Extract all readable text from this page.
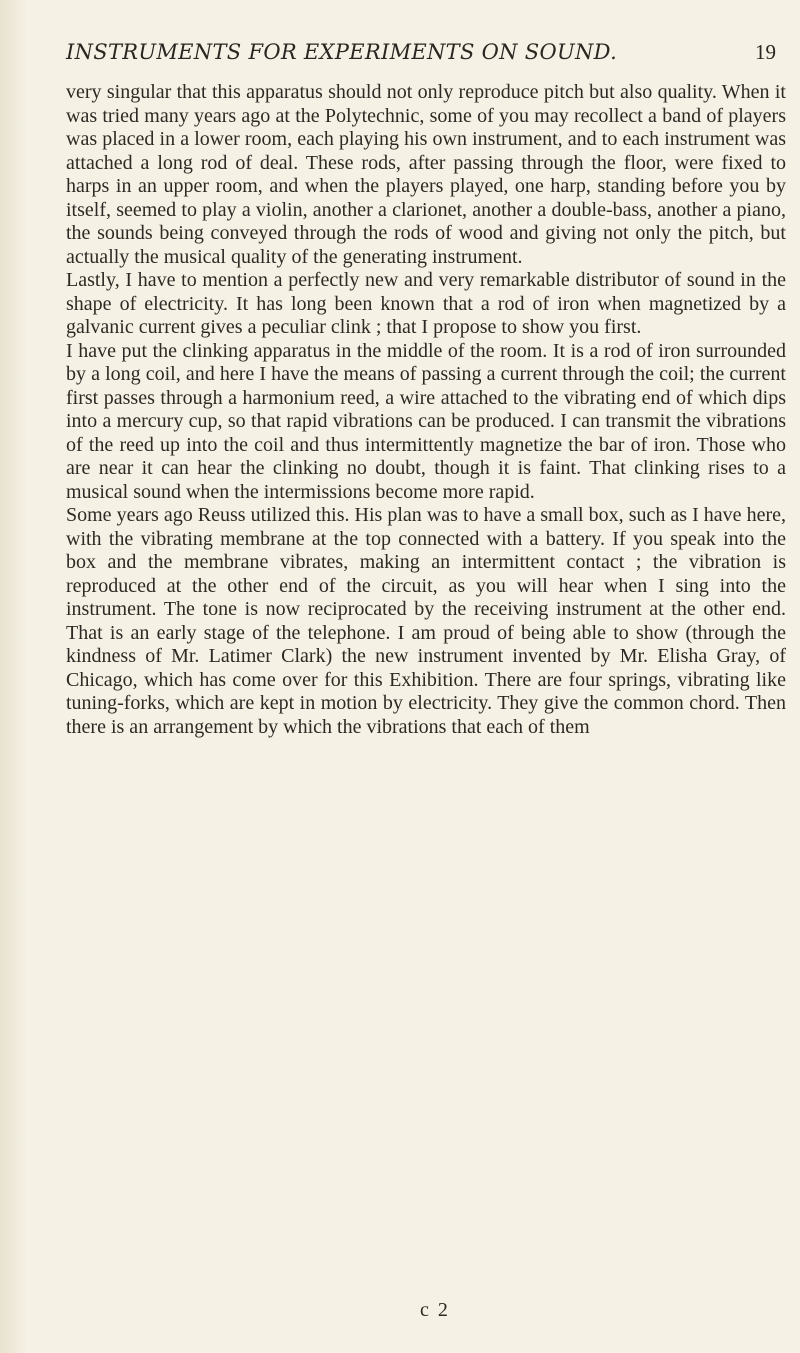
INSTRUMENTS FOR EXPERIMENTS ON SOUND.	19

very singular that this apparatus should not only reproduce pitch but also quality. When it was tried many years ago at the Polytechnic, some of you may recollect a band of players was placed in a lower room, each playing his own instrument, and to each instrument was attached a long rod of deal. These rods, after passing through the floor, were fixed to harps in an upper room, and when the players played, one harp, standing before you by itself, seemed to play a violin, another a clarionet, another a double-bass, another a piano, the sounds being conveyed through the rods of wood and giving not only the pitch, but actually the musical quality of the generating instrument.

Lastly, I have to mention a perfectly new and very remarkable distributor of sound in the shape of electricity. It has long been known that a rod of iron when magnetized by a galvanic current gives a peculiar clink ; that I propose to show you first.

I have put the clinking apparatus in the middle of the room. It is a rod of iron surrounded by a long coil, and here I have the means of passing a current through the coil; the current first passes through a harmonium reed, a wire attached to the vibrating end of which dips into a mercury cup, so that rapid vibrations can be produced. I can transmit the vibrations of the reed up into the coil and thus intermittently magnetize the bar of iron. Those who are near it can hear the clinking no doubt, though it is faint. That clinking rises to a musical sound when the intermissions become more rapid.

Some years ago Reuss utilized this. His plan was to have a small box, such as I have here, with the vibrating membrane at the top connected with a battery. If you speak into the box and the membrane vibrates, making an intermittent contact ; the vibration is reproduced at the other end of the circuit, as you will hear when I sing into the instrument. The tone is now reciprocated by the receiving instrument at the other end. That is an early stage of the telephone. I am proud of being able to show (through the kindness of Mr. Latimer Clark) the new instrument invented by Mr. Elisha Gray, of Chicago, which has come over for this Exhibition. There are four springs, vibrating like tuning-forks, which are kept in motion by electricity. They give the common chord. Then there is an arrangement by which the vibrations that each of them

c 2
